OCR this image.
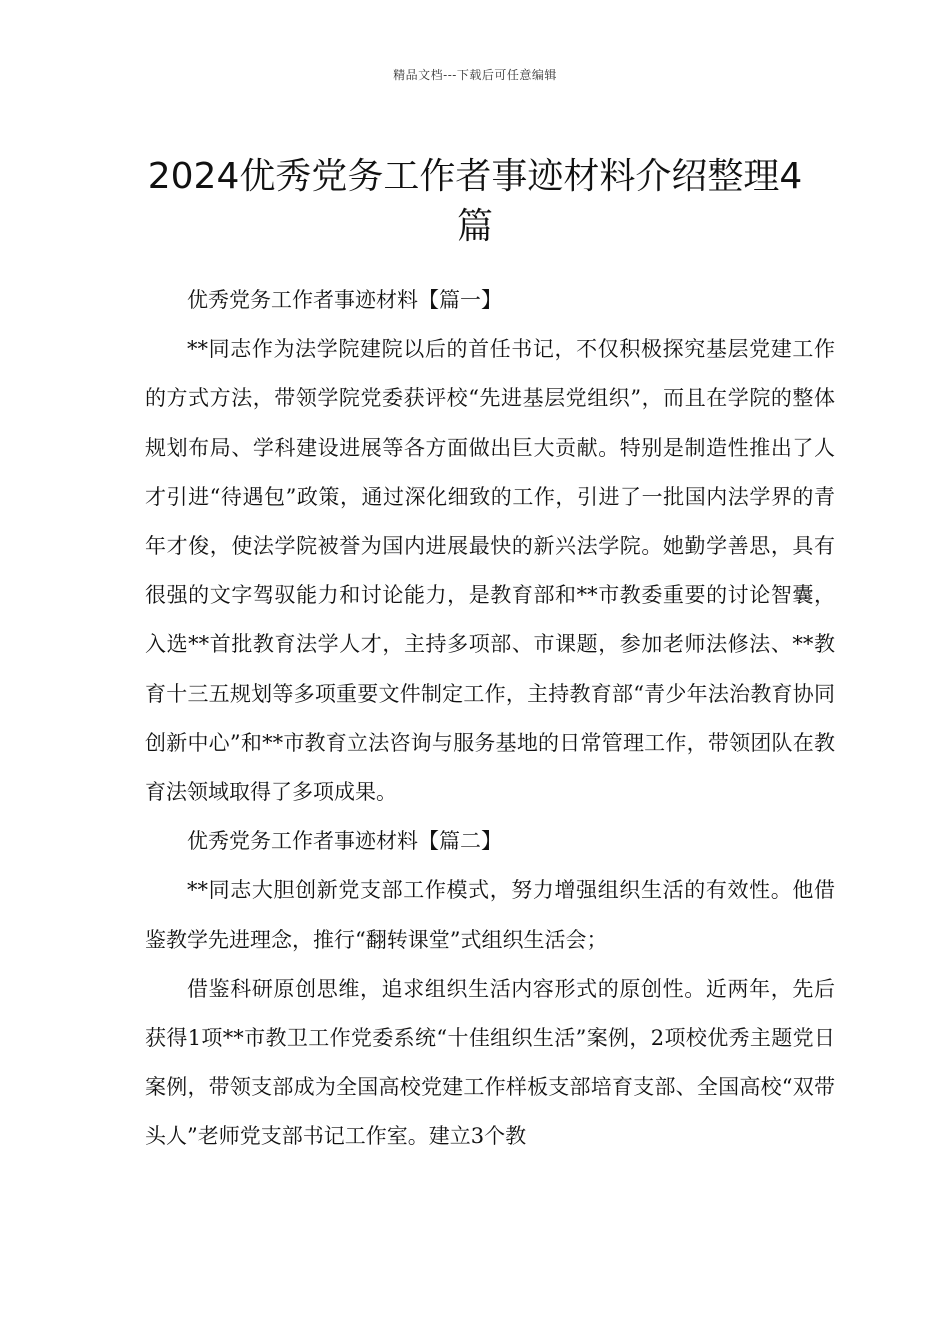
精品文档---下载后可任意编辑
2024优秀党务工作者事迹材料介绍整理4篇

优秀党务工作者事迹材料【篇一】

**同志作为法学院建院以后的首任书记，不仅积极探究基层党建工作的方式方法，带领学院党委获评校“先进基层党组织”，而且在学院的整体规划布局、学科建设进展等各方面做出巨大贡献。特别是制造性推出了人才引进“待遇包”政策，通过深化细致的工作，引进了一批国内法学界的青年才俊，使法学院被誉为国内进展最快的新兴法学院。她勤学善思，具有很强的文字驾驭能力和讨论能力，是教育部和**市教委重要的讨论智囊，入选**首批教育法学人才，主持多项部、市课题，参加老师法修法、**教育十三五规划等多项重要文件制定工作，主持教育部“青少年法治教育协同创新中心”和**市教育立法咨询与服务基地的日常管理工作，带领团队在教育法领域取得了多项成果。

优秀党务工作者事迹材料【篇二】

**同志大胆创新党支部工作模式，努力增强组织生活的有效性。他借鉴教学先进理念，推行“翻转课堂”式组织生活会；

借鉴科研原创思维，追求组织生活内容形式的原创性。近两年，先后获得1项**市教卫工作党委系统“十佳组织生活”案例，2项校优秀主题党日案例，带领支部成为全国高校党建工作样板支部培育支部、全国高校“双带头人”老师党支部书记工作室。建立3个教
